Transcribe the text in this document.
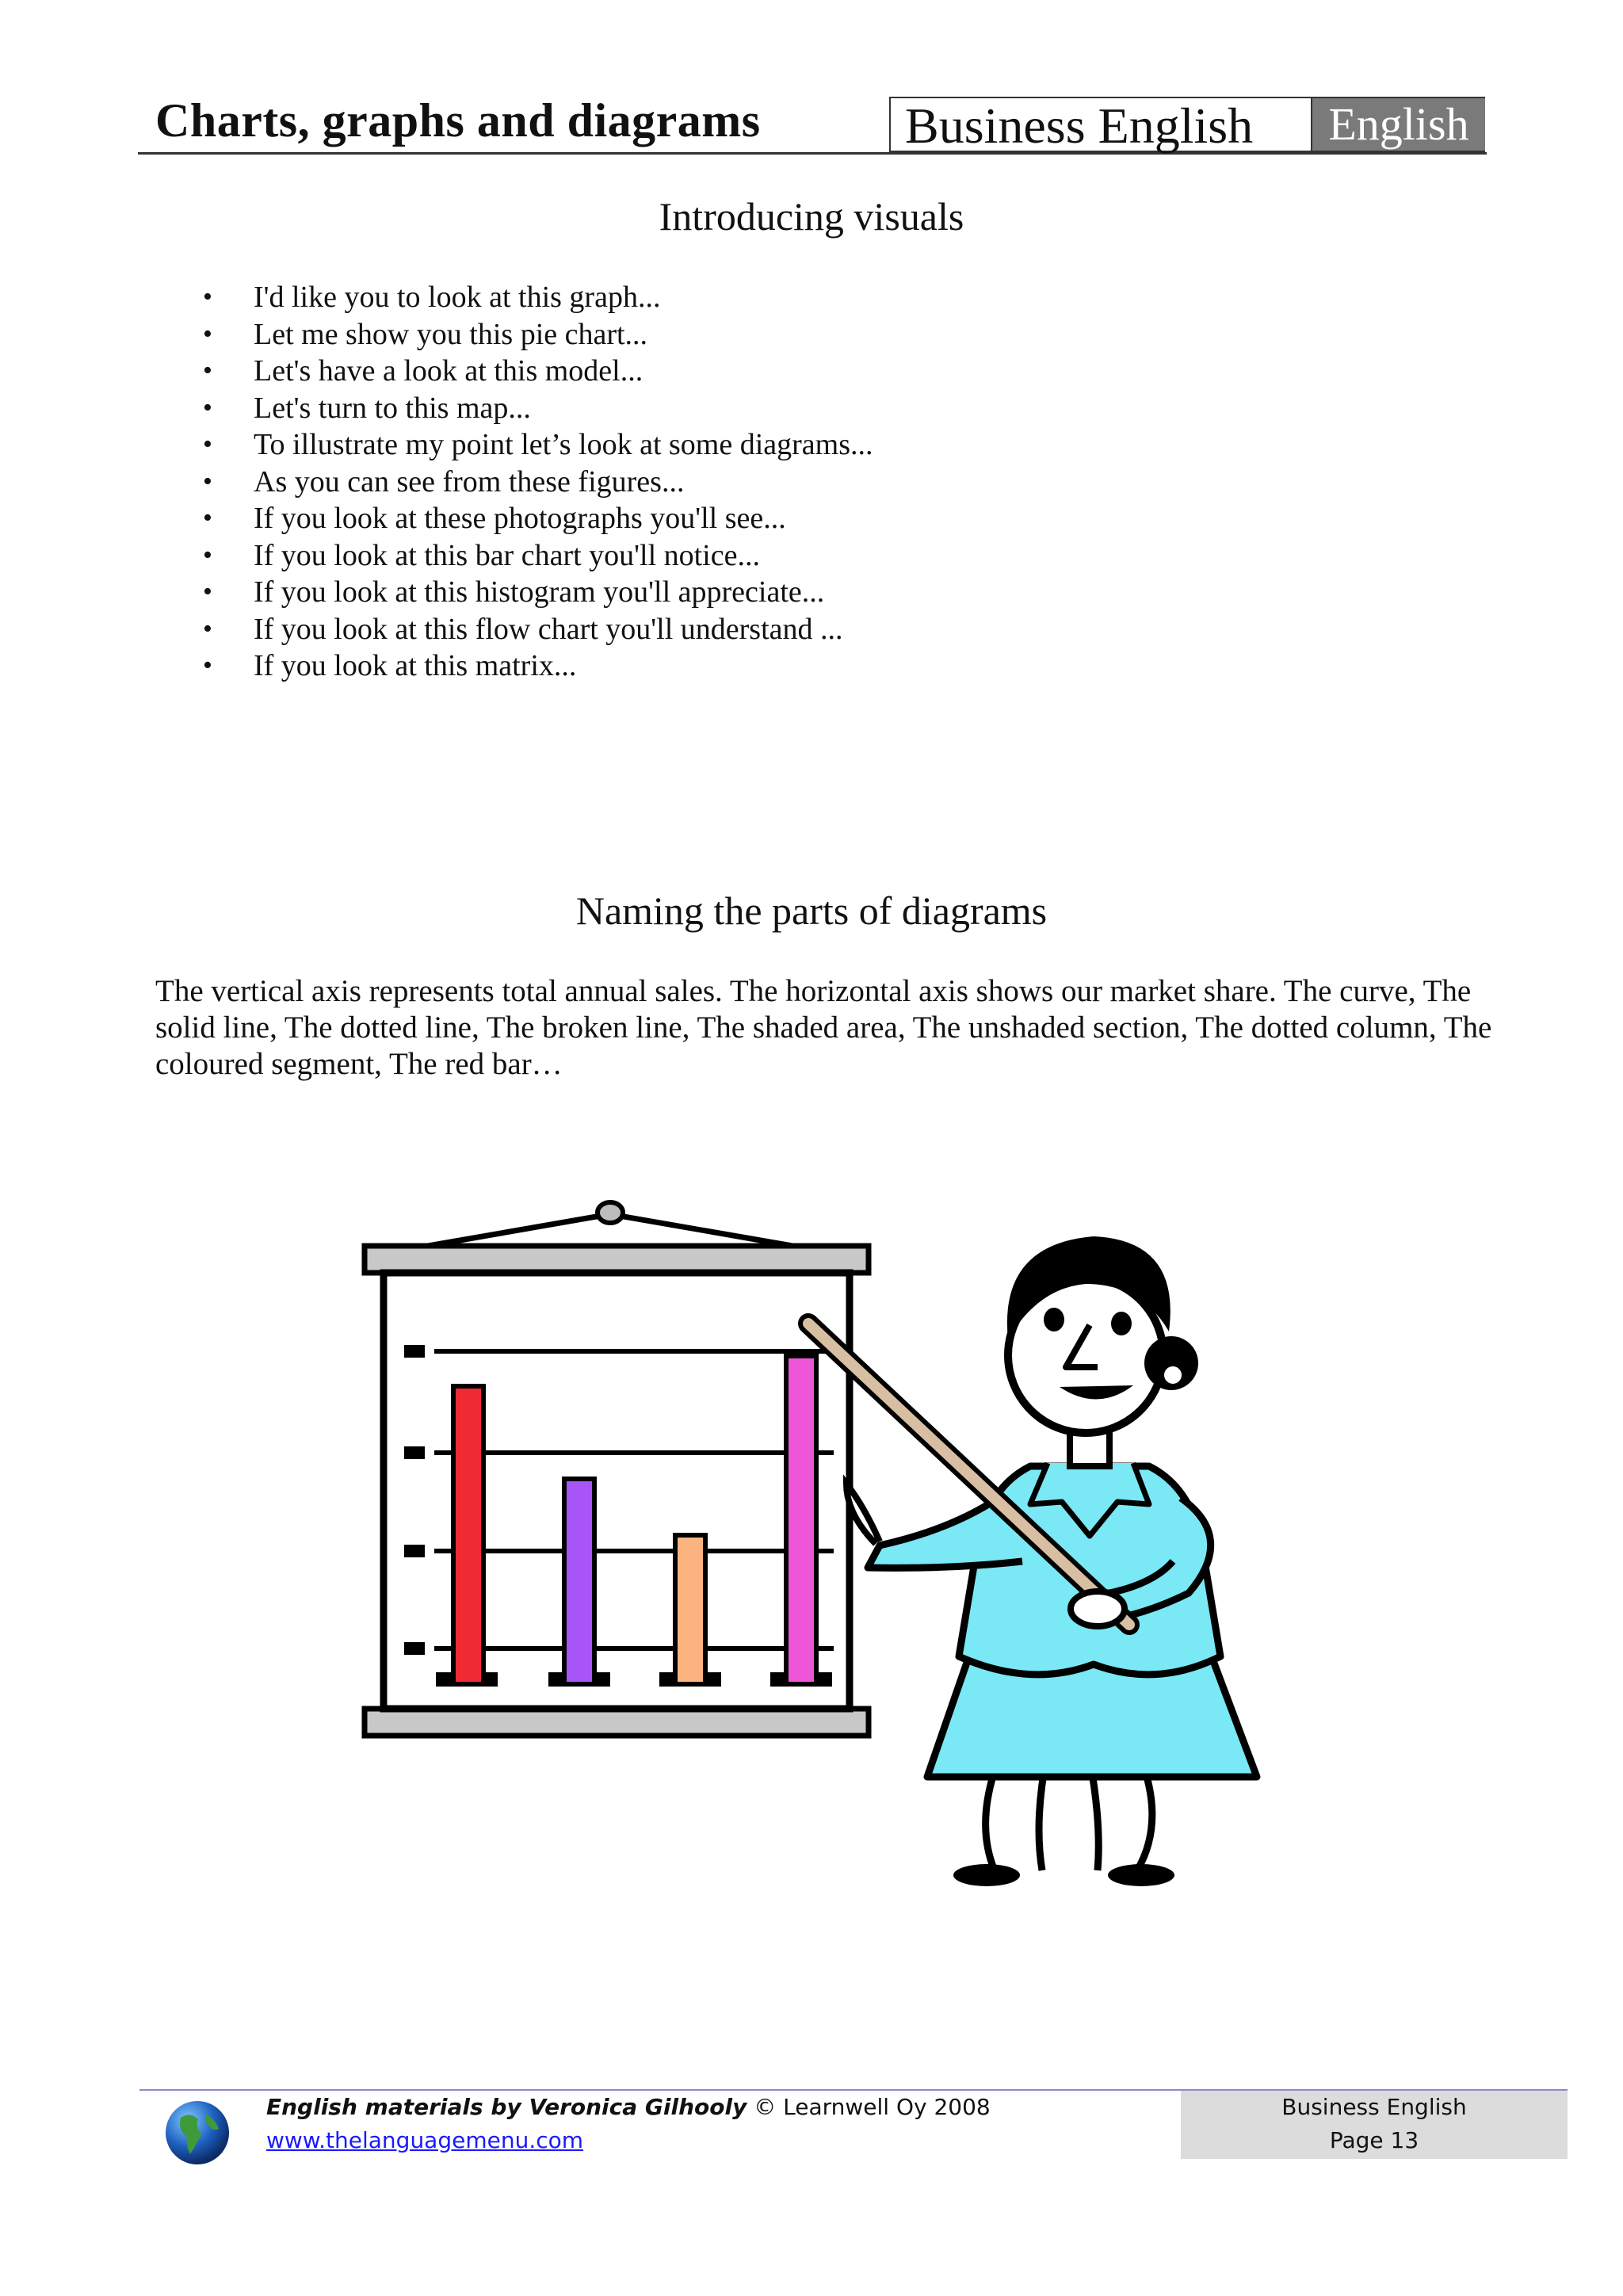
Charts, graphs and diagrams	Business English	English
Introducing visuals
• I'd like you to look at this graph...
• Let me show you this pie chart...
• Let's have a look at this model...
• Let's turn to this map...
• To illustrate my point let’s look at some diagrams...
• As you can see from these figures...
• If you look at these photographs you'll see...
• If you look at this bar chart you'll notice...
• If you look at this histogram you'll appreciate...
• If you look at this flow chart you'll understand ...
• If you look at this matrix...
Naming the parts of diagrams
The vertical axis represents total annual sales. The horizontal axis shows our market share. The curve, The solid line, The dotted line, The broken line, The shaded area, The unshaded section, The dotted column, The coloured segment, The red bar…
English materials by Veronica Gilhooly © Learnwell Oy 2008
www.thelanguagemenu.com
Business English
Page 13
